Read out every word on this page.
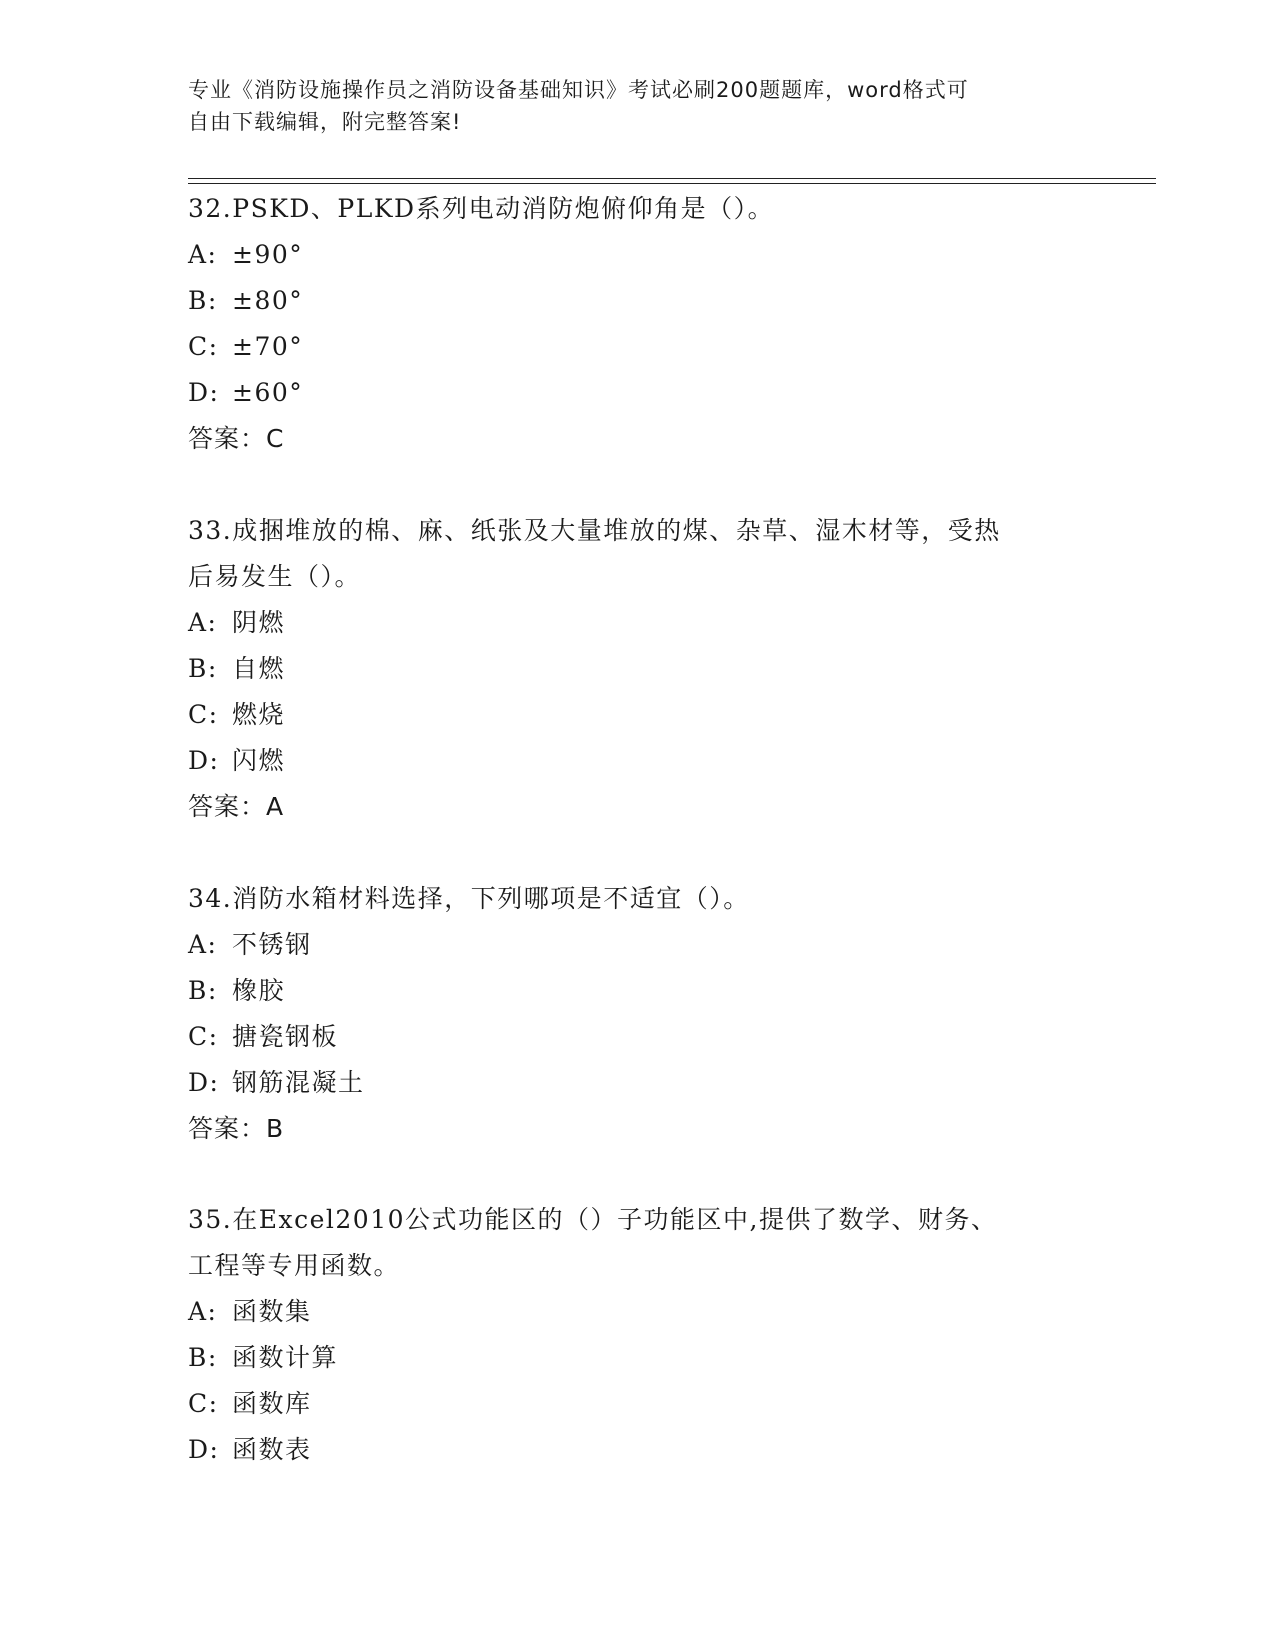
专业《消防设施操作员之消防设备基础知识》考试必刷200题题库，word格式可
自由下载编辑，附完整答案!
32.PSKD、PLKD系列电动消防炮俯仰角是（）。
A: ±90°
B: ±80°
C: ±70°
D: ±60°
答案：C
33.成捆堆放的棉、麻、纸张及大量堆放的煤、杂草、湿木材等，受热
后易发生（）。
A: 阴燃
B: 自燃
C: 燃烧
D: 闪燃
答案：A
34.消防水箱材料选择，下列哪项是不适宜（）。
A: 不锈钢
B: 橡胶
C: 搪瓷钢板
D: 钢筋混凝土
答案：B
35.在Excel2010公式功能区的（）子功能区中,提供了数学、财务、
工程等专用函数。
A: 函数集
B: 函数计算
C: 函数库
D: 函数表
